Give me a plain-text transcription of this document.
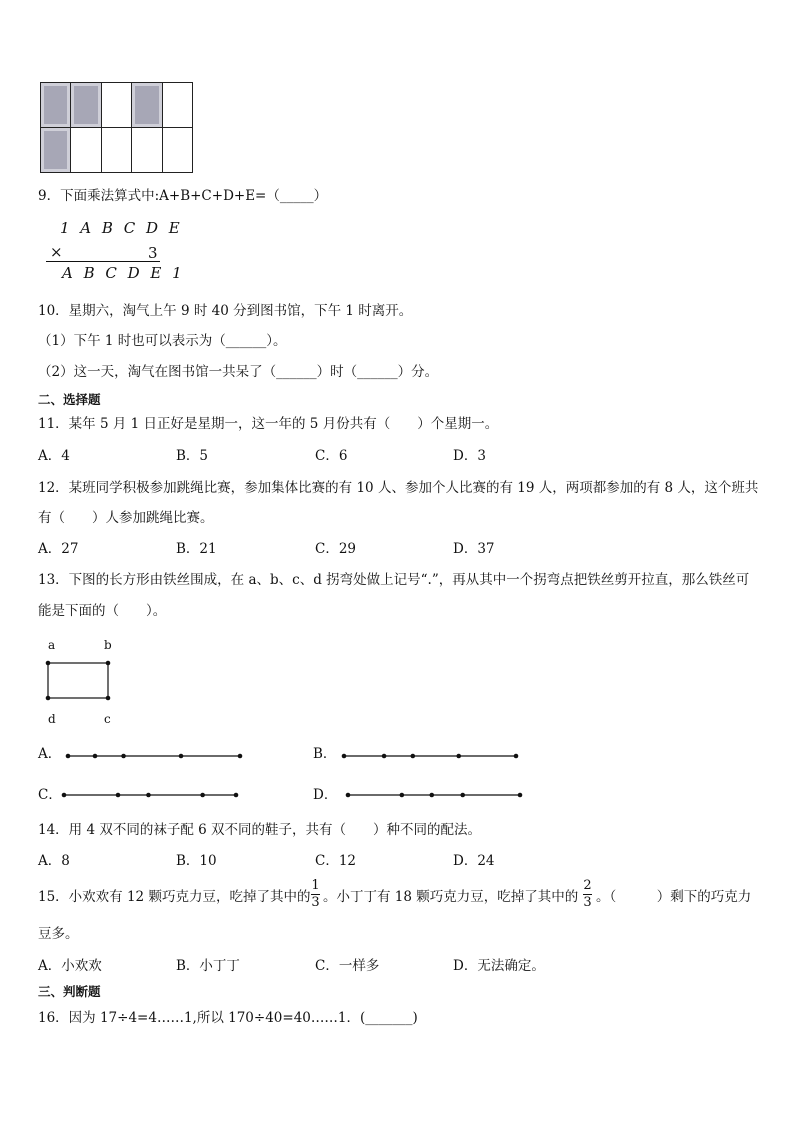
9．下面乘法算式中:A+B+C+D+E=（_____）
1 A B C D E
×	3
A B C D E 1
10．星期六，淘气上午 9 时 40 分到图书馆，下午 1 时离开。
（1）下午 1 时也可以表示为（______）。
（2）这一天，淘气在图书馆一共呆了（______）时（______）分。
二、选择题
11．某年 5 月 1 日正好是星期一，这一年的 5 月份共有（　　）个星期一。
A．4	B．5	C．6	D．3
12．某班同学积极参加跳绳比赛，参加集体比赛的有 10 人、参加个人比赛的有 19 人，两项都参加的有 8 人，这个班共
有（　　）人参加跳绳比赛。
A．27	B．21	C．29	D．37
13．下图的长方形由铁丝围成，在 a、b、c、d 拐弯处做上记号“.”，再从其中一个拐弯点把铁丝剪开拉直，那么铁丝可
能是下面的（　　）。
a	b
d	c
A．	B．
C．	D．
14．用 4 双不同的袜子配 6 双不同的鞋子，共有（　　）种不同的配法。
A．8	B．10	C．12	D．24
15．小欢欢有 12 颗巧克力豆，吃掉了其中的
1
3 。小丁丁有 18 颗巧克力豆，吃掉了其中的
2
3 。（　　　）剩下的巧克力
豆多。
A．小欢欢	B．小丁丁	C．一样多	D．无法确定。
三、判断题
16．因为 17÷4=4……1,所以 170÷40=40……1．(_______)
